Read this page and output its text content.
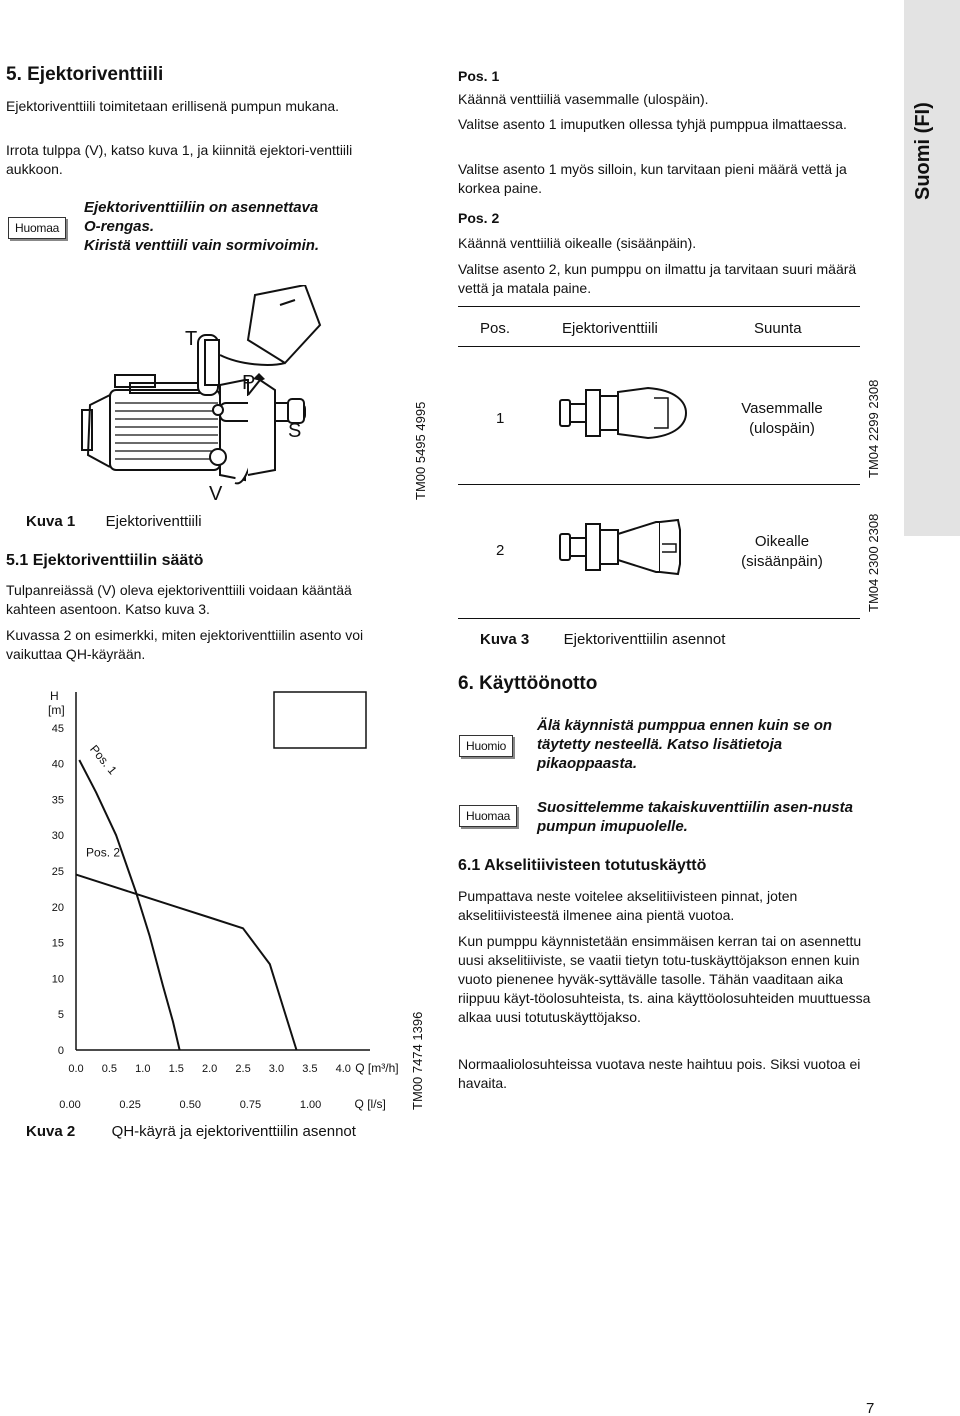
Suomi (FI)
5. Ejektoriventtiili

Ejektoriventtiili toimitetaan erillisenä pumpun mukana.

Irrota tulppa (V), katso kuva 1, ja kiinnitä ejektori-venttiili aukkoon.

Huomaa
Ejektoriventtiiliin on asennettava
O-rengas.
Kiristä venttiili vain sormivoimin.
T
P
S
V	TM00 5495 4995
Kuva 1 Ejektoriventtiili
5.1 Ejektoriventtiilin säätö

Tulpanreiässä (V) oleva ejektoriventtiili voidaan kääntää kahteen asentoon. Katso kuva 3.

Kuvassa 2 on esimerkki, miten ejektoriventtiilin asento voi vaikuttaa QH-käyrään.

H
[m]
0
5
10
15
20
25
30
35
40
45
0.0 0.5 1.0 1.5 2.0 2.5 3.0 3.5 4.0
0.00	0.25	0.50	0.75	1.00
Q [m³/h]
Q [l/s]
Pos. 1
Pos. 2
TM00 7474 1396
Kuva 2 QH-käyrä ja ejektoriventtiilin asennot
Pos. 1

Käännä venttiiliä vasemmalle (ulospäin).

Valitse asento 1 imuputken ollessa tyhjä pumppua ilmattaessa.

Valitse asento 1 myös silloin, kun tarvitaan pieni määrä vettä ja korkea paine.

Pos. 2

Käännä venttiiliä oikealle (sisäänpäin).

Valitse asento 2, kun pumppu on ilmattu ja tarvitaan suuri määrä vettä ja matala paine.

Pos.	Ejektoriventtiili	Suunta
1
Vasemmalle
(ulospäin)	TM04 2299 2308
2
Oikealle
(sisäänpäin)	TM04 2300 2308
Kuva 3 Ejektoriventtiilin asennot
6. Käyttöönotto
Huomio
Älä käynnistä pumppua ennen kuin se on täytetty nesteellä. Katso lisätietoja pikaoppaasta.
Huomaa	Suosittelemme takaiskuventtiilin asen-nusta pumpun imupuolelle.
6.1 Akselitiivisteen totutuskäyttö

Pumpattava neste voitelee akselitiivisteen pinnat, joten akselitiivisteestä ilmenee aina pientä vuotoa.

Kun pumppu käynnistetään ensimmäisen kerran tai on asennettu uusi akselitiiviste, se vaatii tietyn totu-tuskäyttöjakson ennen kuin vuoto pienenee hyväk-syttävälle tasolle. Tähän vaaditaan aika riippuu käyt-töolosuhteista, ts. aina käyttöolosuhteiden muuttuessa alkaa uusi totutuskäyttöjakso.

Normaaliolosuhteissa vuotava neste haihtuu pois. Siksi vuotoa ei havaita.

7
